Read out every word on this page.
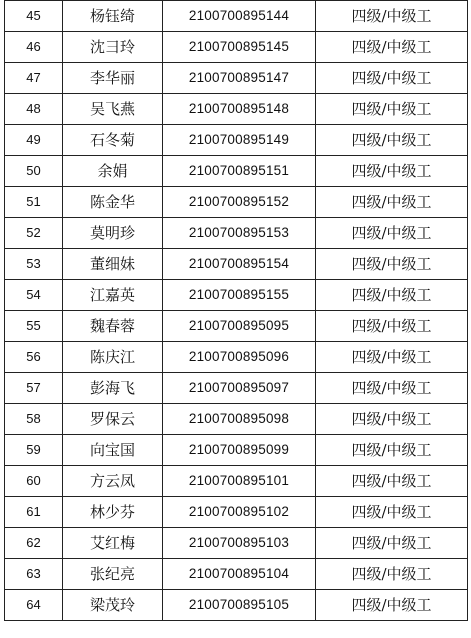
45	杨钰绮	2100700895144	四级/中级工
46	沈彐玲	2100700895145	四级/中级工
47	李华丽	2100700895147	四级/中级工
48	吴飞燕	2100700895148	四级/中级工
49	石冬菊	2100700895149	四级/中级工
50	余娟	2100700895151	四级/中级工
51	陈金华	2100700895152	四级/中级工
52	莫明珍	2100700895153	四级/中级工
53	董细妹	2100700895154	四级/中级工
54	江嘉英	2100700895155	四级/中级工
55	魏春蓉	2100700895095	四级/中级工
56	陈庆江	2100700895096	四级/中级工
57	彭海飞	2100700895097	四级/中级工
58	罗保云	2100700895098	四级/中级工
59	向宝国	2100700895099	四级/中级工
60	方云凤	2100700895101	四级/中级工
61	林少芬	2100700895102	四级/中级工
62	艾红梅	2100700895103	四级/中级工
63	张纪亮	2100700895104	四级/中级工
64	梁茂玲	2100700895105	四级/中级工
